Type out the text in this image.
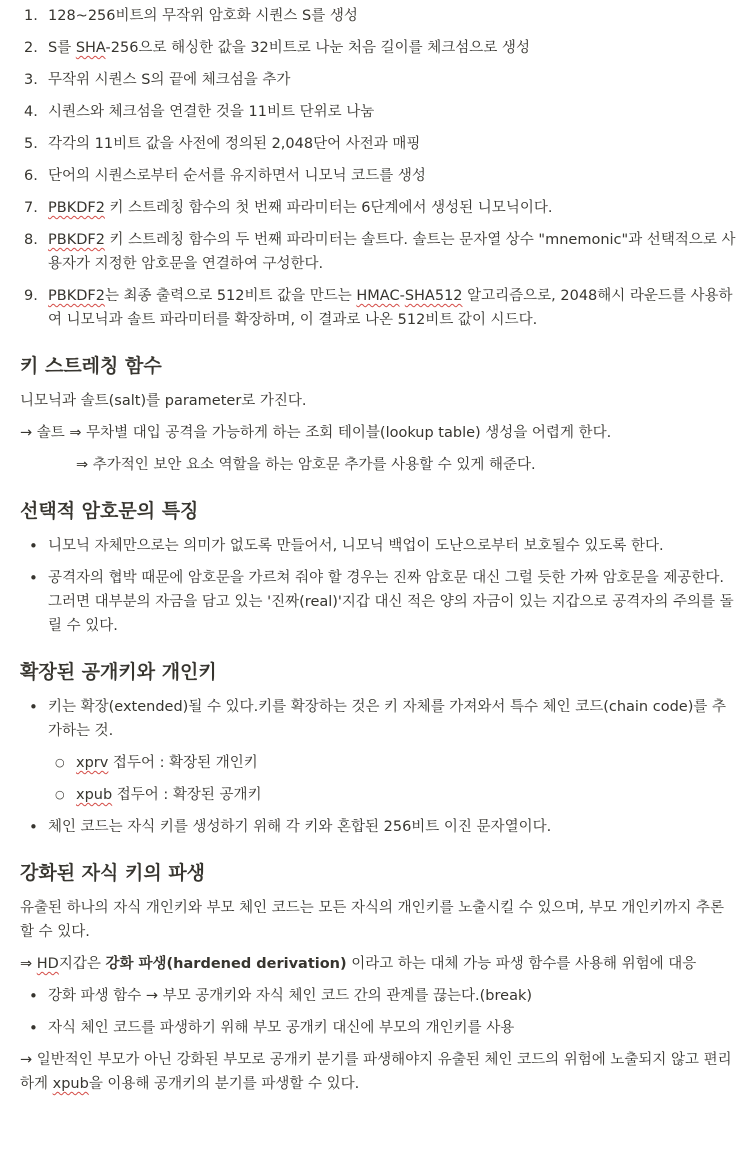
1. 128~256비트의 무작위 암호화 시퀀스 S를 생성
2. S를 SHA-256으로 해싱한 값을 32비트로 나눈 처음 길이를 체크섬으로 생성
3. 무작위 시퀀스 S의 끝에 체크섬을 추가
4. 시퀀스와 체크섬을 연결한 것을 11비트 단위로 나눔
5. 각각의 11비트 값을 사전에 정의된 2,048단어 사전과 매핑
6. 단어의 시퀀스로부터 순서를 유지하면서 니모닉 코드를 생성
7. PBKDF2 키 스트레칭 함수의 첫 번째 파라미터는 6단계에서 생성된 니모닉이다.
8. PBKDF2 키 스트레칭 함수의 두 번째 파라미터는 솔트다. 솔트는 문자열 상수 "mnemonic"과 선택적으로 사용자가 지정한 암호문을 연결하여 구성한다.
9. PBKDF2는 최종 출력으로 512비트 값을 만드는 HMAC-SHA512 알고리즘으로, 2048해시 라운드를 사용하여 니모닉과 솔트 파라미터를 확장하며, 이 결과로 나온 512비트 값이 시드다.
키 스트레칭 함수

니모닉과 솔트(salt)를 parameter로 가진다.

→ 솔트 ⇒ 무차별 대입 공격을 가능하게 하는 조회 테이블(lookup table) 생성을 어렵게 한다.

⇒ 추가적인 보안 요소 역할을 하는 암호문 추가를 사용할 수 있게 해준다.

선택적 암호문의 특징
• 니모닉 자체만으로는 의미가 없도록 만들어서, 니모닉 백업이 도난으로부터 보호될수 있도록 한다.
• 공격자의 협박 때문에 암호문을 가르쳐 줘야 할 경우는 진짜 암호문 대신 그럴 듯한 가짜 암호문을 제공한다. 그러면 대부분의 자금을 담고 있는 '진짜(real)'지갑 대신 적은 양의 자금이 있는 지갑으로 공격자의 주의를 돌릴 수 있다.
확장된 공개키와 개인키
• 키는 확장(extended)될 수 있다.키를 확장하는 것은 키 자체를 가져와서 특수 체인 코드(chain code)를 추가하는 것.
○ xprv 접두어 : 확장된 개인키
○ xpub 접두어 : 확장된 공개키
• 체인 코드는 자식 키를 생성하기 위해 각 키와 혼합된 256비트 이진 문자열이다.
강화된 자식 키의 파생

유출된 하나의 자식 개인키와 부모 체인 코드는 모든 자식의 개인키를 노출시킬 수 있으며, 부모 개인키까지 추론할 수 있다.

⇒ HD지갑은 강화 파생(hardened derivation) 이라고 하는 대체 가능 파생 함수를 사용해 위험에 대응

• 강화 파생 함수 → 부모 공개키와 자식 체인 코드 간의 관계를 끊는다.(break)
• 자식 체인 코드를 파생하기 위해 부모 공개키 대신에 부모의 개인키를 사용

→ 일반적인 부모가 아닌 강화된 부모로 공개키 분기를 파생해야지 유출된 체인 코드의 위험에 노출되지 않고 편리하게 xpub을 이용해 공개키의 분기를 파생할 수 있다.
